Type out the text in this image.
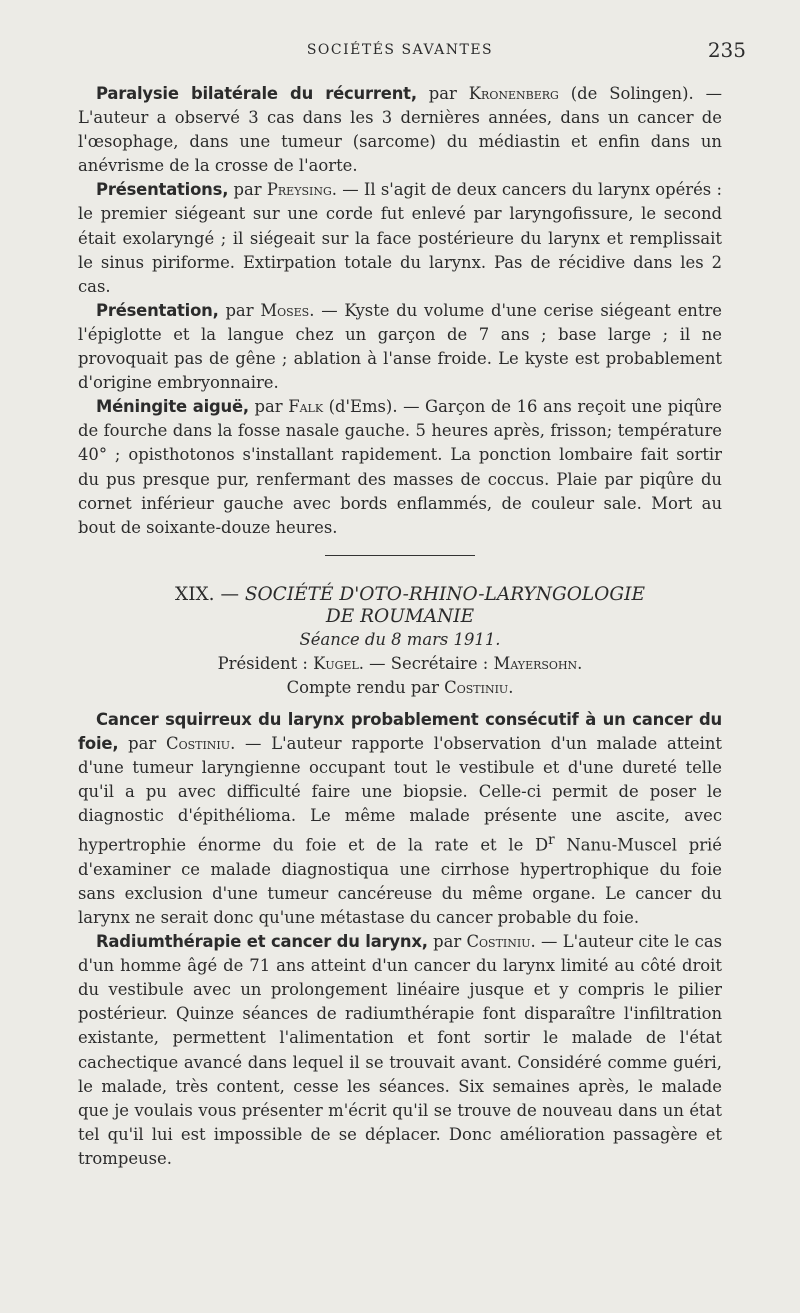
SOCIÉTÉS SAVANTES	235

Paralysie bilatérale du récurrent, par Kronenberg (de Solingen). — L'auteur a observé 3 cas dans les 3 dernières années, dans un cancer de l'œsophage, dans une tumeur (sarcome) du médiastin et enfin dans un anévrisme de la crosse de l'aorte.

Présentations, par Preysing. — Il s'agit de deux cancers du larynx opérés : le premier siégeant sur une corde fut enlevé par laryngofissure, le second était exolaryngé ; il siégeait sur la face postérieure du larynx et remplissait le sinus piriforme. Extirpation totale du larynx. Pas de récidive dans les 2 cas.

Présentation, par Moses. — Kyste du volume d'une cerise siégeant entre l'épiglotte et la langue chez un garçon de 7 ans ; base large ; il ne provoquait pas de gêne ; ablation à l'anse froide. Le kyste est probablement d'origine embryonnaire.

Méningite aiguë, par Falk (d'Ems). — Garçon de 16 ans reçoit une piqûre de fourche dans la fosse nasale gauche. 5 heures après, frisson; température 40° ; opisthotonos s'installant rapidement. La ponction lombaire fait sortir du pus presque pur, renfermant des masses de coccus. Plaie par piqûre du cornet inférieur gauche avec bords enflammés, de couleur sale. Mort au bout de soixante-douze heures.

XIX. — SOCIÉTÉ D'OTO-RHINO-LARYNGOLOGIE
DE ROUMANIE
Séance du 8 mars 1911.
Président : Kugel. — Secrétaire : Mayersohn.
Compte rendu par Costiniu.

Cancer squirreux du larynx probablement consécutif à un cancer du foie, par Costiniu. — L'auteur rapporte l'observation d'un malade atteint d'une tumeur laryngienne occupant tout le vestibule et d'une dureté telle qu'il a pu avec difficulté faire une biopsie. Celle-ci permit de poser le diagnostic d'épithélioma. Le même malade présente une ascite, avec hypertrophie énorme du foie et de la rate et le $D^r$ Nanu-Muscel prié d'examiner ce malade diagnostiqua une cirrhose hypertrophique du foie sans exclusion d'une tumeur cancéreuse du même organe. Le cancer du larynx ne serait donc qu'une métastase du cancer probable du foie.

Radiumthérapie et cancer du larynx, par Costiniu. — L'auteur cite le cas d'un homme âgé de 71 ans atteint d'un cancer du larynx limité au côté droit du vestibule avec un prolongement linéaire jusque et y compris le pilier postérieur. Quinze séances de radiumthérapie font disparaître l'infiltration existante, permettent l'alimentation et font sortir le malade de l'état cachectique avancé dans lequel il se trouvait avant. Considéré comme guéri, le malade, très content, cesse les séances. Six semaines après, le malade que je voulais vous présenter m'écrit qu'il se trouve de nouveau dans un état tel qu'il lui est impossible de se déplacer. Donc amélioration passagère et trompeuse.
